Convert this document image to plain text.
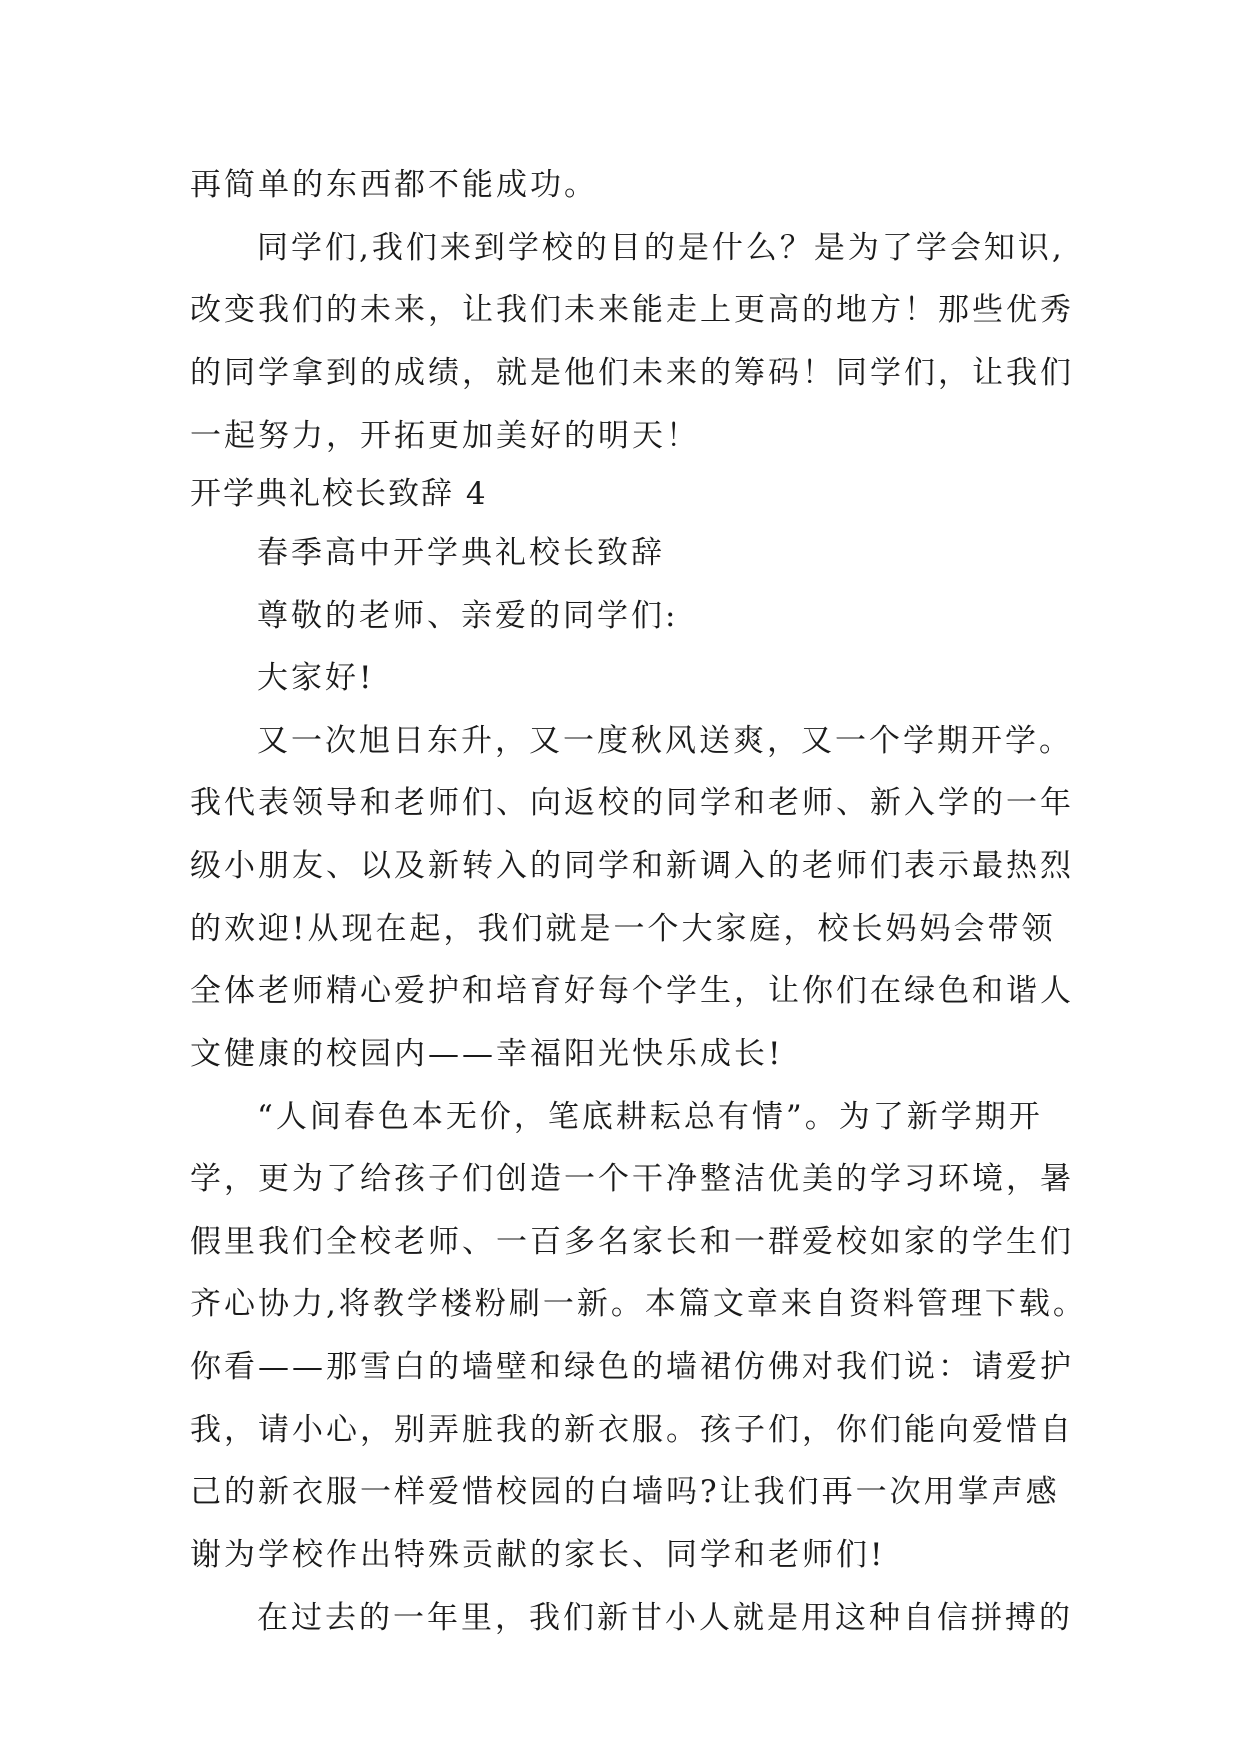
再简单的东西都不能成功。
同学们,我们来到学校的目的是什么？是为了学会知识,
改变我们的未来，让我们未来能走上更高的地方！那些优秀
的同学拿到的成绩，就是他们未来的筹码！同学们，让我们
一起努力，开拓更加美好的明天！
开学典礼校长致辞 4
春季高中开学典礼校长致辞
尊敬的老师、亲爱的同学们:
大家好!
又一次旭日东升，又一度秋风送爽，又一个学期开学。
我代表领导和老师们、向返校的同学和老师、新入学的一年
级小朋友、以及新转入的同学和新调入的老师们表示最热烈
的欢迎!从现在起，我们就是一个大家庭，校长妈妈会带领
全体老师精心爱护和培育好每个学生，让你们在绿色和谐人
文健康的校园内——幸福阳光快乐成长!
“人间春色本无价，笔底耕耘总有情”。为了新学期开
学，更为了给孩子们创造一个干净整洁优美的学习环境，暑
假里我们全校老师、一百多名家长和一群爱校如家的学生们
齐心协力,将教学楼粉刷一新。本篇文章来自资料管理下载。
你看——那雪白的墙壁和绿色的墙裙仿佛对我们说：请爱护
我，请小心，别弄脏我的新衣服。孩子们，你们能向爱惜自
己的新衣服一样爱惜校园的白墙吗?让我们再一次用掌声感
谢为学校作出特殊贡献的家长、同学和老师们!
在过去的一年里，我们新甘小人就是用这种自信拼搏的
